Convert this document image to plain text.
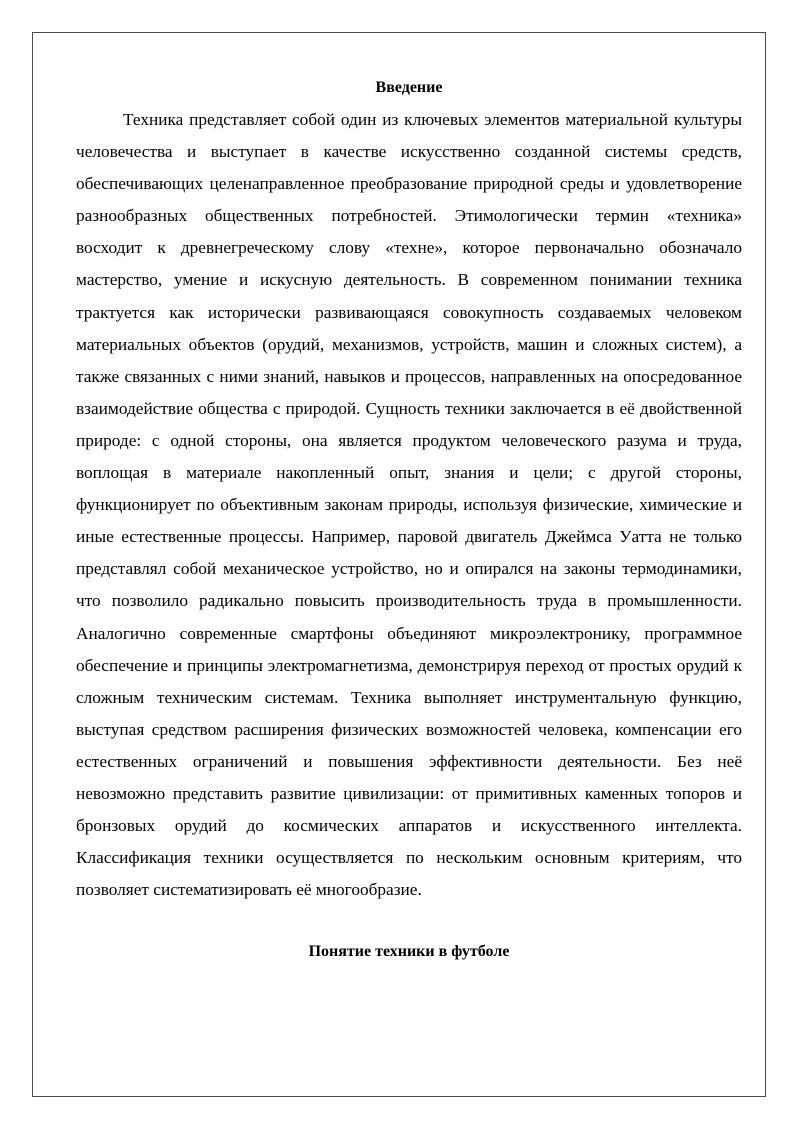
Введение

Техника представляет собой один из ключевых элементов материальной культуры человечества и выступает в качестве искусственно созданной системы средств, обеспечивающих целенаправленное преобразование природной среды и удовлетворение разнообразных общественных потребностей. Этимологически термин «техника» восходит к древнегреческому слову «техне», которое первоначально обозначало мастерство, умение и искусную деятельность. В современном понимании техника трактуется как исторически развивающаяся совокупность создаваемых человеком материальных объектов (орудий, механизмов, устройств, машин и сложных систем), а также связанных с ними знаний, навыков и процессов, направленных на опосредованное взаимодействие общества с природой. Сущность техники заключается в её двойственной природе: с одной стороны, она является продуктом человеческого разума и труда, воплощая в материале накопленный опыт, знания и цели; с другой стороны, функционирует по объективным законам природы, используя физические, химические и иные естественные процессы. Например, паровой двигатель Джеймса Уатта не только представлял собой механическое устройство, но и опирался на законы термодинамики, что позволило радикально повысить производительность труда в промышленности. Аналогично современные смартфоны объединяют микроэлектронику, программное обеспечение и принципы электромагнетизма, демонстрируя переход от простых орудий к сложным техническим системам. Техника выполняет инструментальную функцию, выступая средством расширения физических возможностей человека, компенсации его естественных ограничений и повышения эффективности деятельности. Без неё невозможно представить развитие цивилизации: от примитивных каменных топоров и бронзовых орудий до космических аппаратов и искусственного интеллекта. Классификация техники осуществляется по нескольким основным критериям, что позволяет систематизировать её многообразие.

Понятие техники в футболе
